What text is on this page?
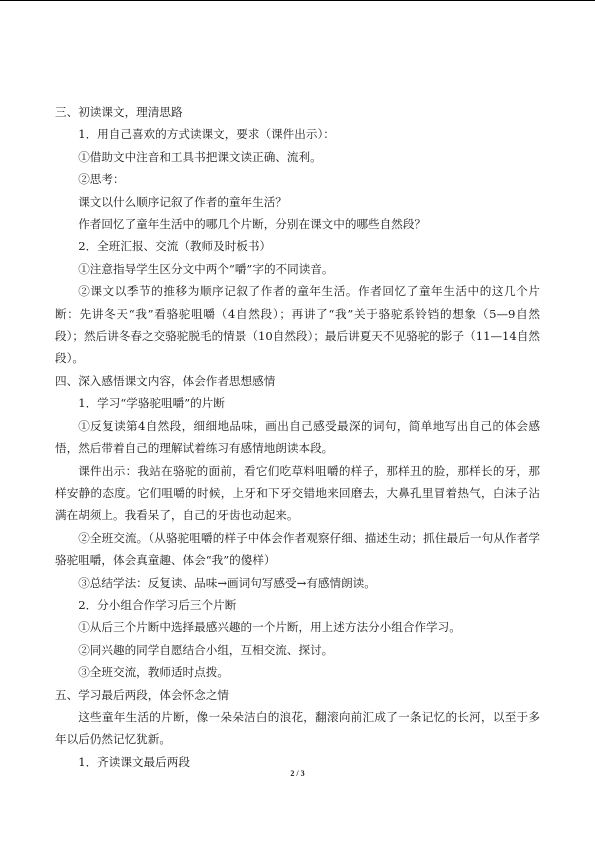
三、初读课文，理清思路

1．用自己喜欢的方式读课文，要求（课件出示）：

①借助文中注音和工具书把课文读正确、流利。

②思考：

课文以什么顺序记叙了作者的童年生活？

作者回忆了童年生活中的哪几个片断，分别在课文中的哪些自然段？

2．全班汇报、交流（教师及时板书）

①注意指导学生区分文中两个“嚼”字的不同读音。

②课文以季节的推移为顺序记叙了作者的童年生活。作者回忆了童年生活中的这几个片断：先讲冬天“我”看骆驼咀嚼（4自然段）；再讲了“我”关于骆驼系铃铛的想象（5—9自然段）；然后讲冬春之交骆驼脱毛的情景（10自然段）；最后讲夏天不见骆驼的影子（11—14自然段）。

四、深入感悟课文内容，体会作者思想感情

1．学习“学骆驼咀嚼”的片断

①反复读第4自然段，细细地品味，画出自己感受最深的词句，简单地写出自己的体会感悟，然后带着自己的理解试着练习有感情地朗读本段。

课件出示：我站在骆驼的面前，看它们吃草料咀嚼的样子，那样丑的脸，那样长的牙，那样安静的态度。它们咀嚼的时候，上牙和下牙交错地来回磨去，大鼻孔里冒着热气，白沫子沾满在胡须上。我看呆了，自己的牙齿也动起来。

②全班交流。（从骆驼咀嚼的样子中体会作者观察仔细、描述生动；抓住最后一句从作者学骆驼咀嚼，体会真童趣、体会“我”的傻样）

③总结学法：反复读、品味→画词句写感受→有感情朗读。

2．分小组合作学习后三个片断

①从后三个片断中选择最感兴趣的一个片断，用上述方法分小组合作学习。

②同兴趣的同学自愿结合小组，互相交流、探讨。

③全班交流，教师适时点拨。

五、学习最后两段，体会怀念之情

这些童年生活的片断，像一朵朵洁白的浪花，翻滚向前汇成了一条记忆的长河，以至于多年以后仍然记忆犹新。

1．齐读课文最后两段

2 / 3
